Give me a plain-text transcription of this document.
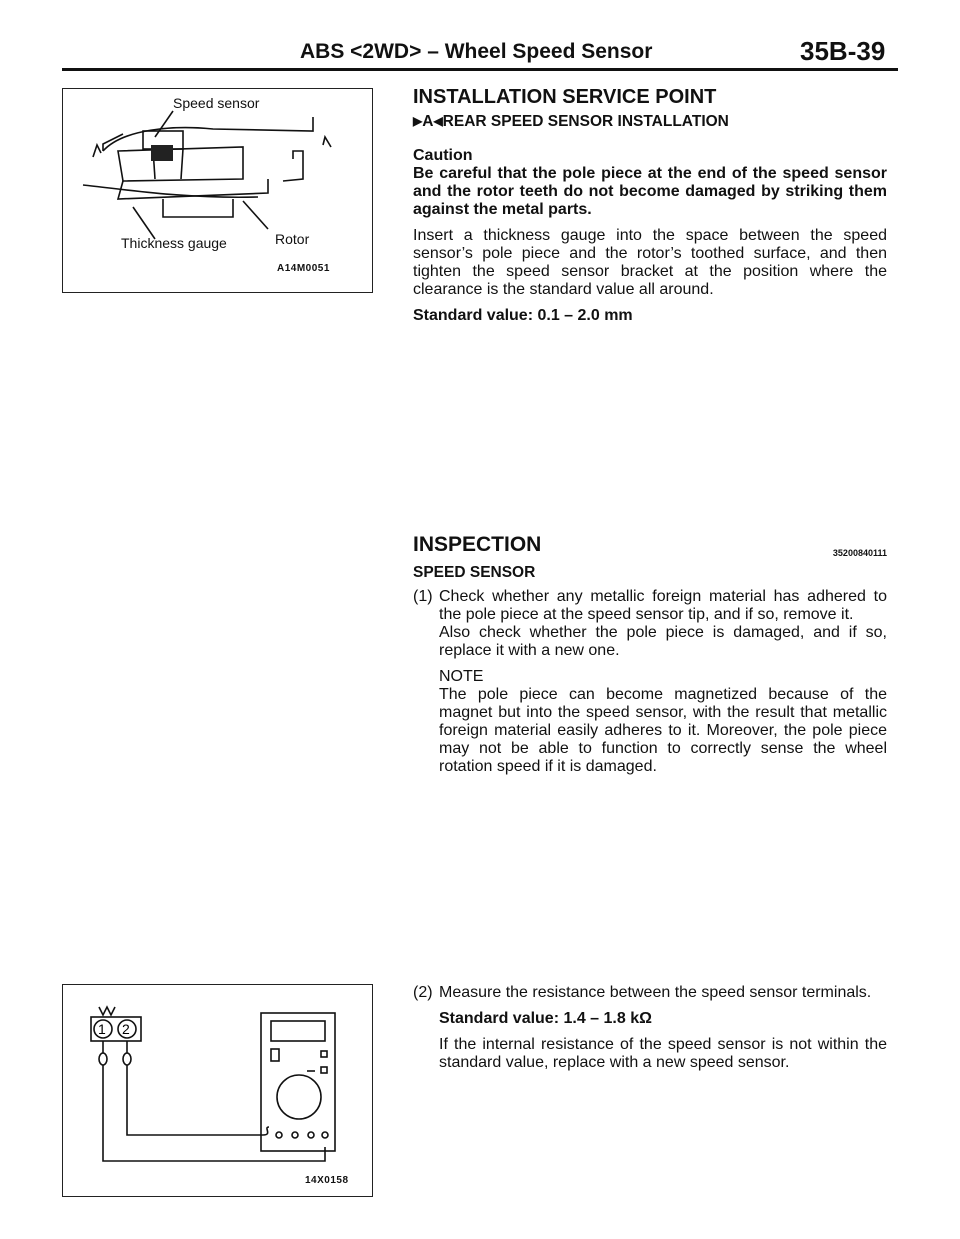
ABS <2WD> – Wheel Speed Sensor	35B-39
Speed sensor
Thickness gauge	Rotor
A14M0051
INSTALLATION SERVICE POINT
▶A◀REAR SPEED SENSOR INSTALLATION
Caution
Be careful that the pole piece at the end of the speed sensor and the rotor teeth do not become damaged by striking them against the metal parts.
Insert a thickness gauge into the space between the speed sensor’s pole piece and the rotor’s toothed surface, and then tighten the speed sensor bracket at the position where the clearance is the standard value all around.
Standard value: 0.1 – 2.0 mm
INSPECTION	35200840111
SPEED SENSOR
(1) Check whether any metallic foreign material has adhered to the pole piece at the speed sensor tip, and if so, remove it.
Also check whether the pole piece is damaged, and if so, replace it with a new one.
NOTE
The pole piece can become magnetized because of the magnet but into the speed sensor, with the result that metallic foreign material easily adheres to it. Moreover, the pole piece may not be able to function to correctly sense the wheel rotation speed if it is damaged.
(2) Measure the resistance between the speed sensor terminals.
Standard value: 1.4 – 1.8 kΩ
If the internal resistance of the speed sensor is not within the standard value, replace with a new speed sensor.
1 2
14X0158
